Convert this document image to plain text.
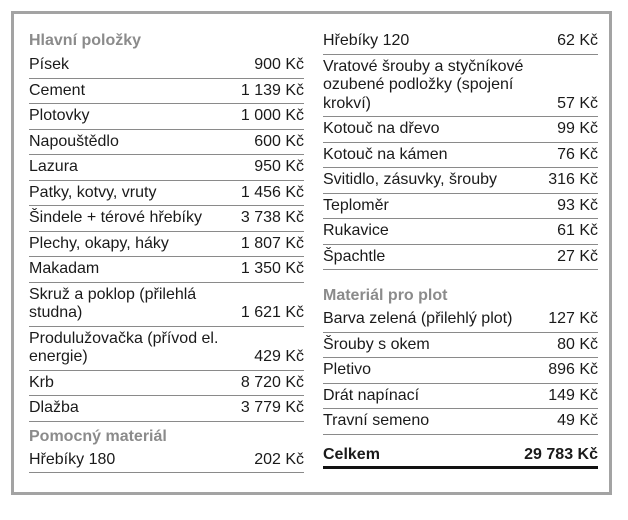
Hlavní položky
Písek	900 Kč
Cement	1 139 Kč
Plotovky	1 000 Kč
Napouštědlo	600 Kč
Lazura	950 Kč
Patky, kotvy, vruty	1 456 Kč
Šindele + térové hřebíky	3 738 Kč
Plechy, okapy, háky	1 807 Kč
Makadam	1 350 Kč
Skruž a poklop (přilehlá studna)	1 621 Kč
Produlužovačka (přívod el. energie)	429 Kč
Krb	8 720 Kč
Dlažba	3 779 Kč
Pomocný materiál
Hřebíky 180	202 Kč
Hřebíky 120	62 Kč
Vratové šrouby a styčníkové ozubené podložky (spojení krokví)	57 Kč
Kotouč na dřevo	99 Kč
Kotouč na kámen	76 Kč
Svitidlo, zásuvky, šrouby	316 Kč
Teploměr	93 Kč
Rukavice	61 Kč
Špachtle	27 Kč
Materiál pro plot
Barva zelená (přilehlý plot)	127 Kč
Šrouby s okem	80 Kč
Pletivo	896 Kč
Drát napínací	149 Kč
Travní semeno	49 Kč
Celkem	29 783 Kč
